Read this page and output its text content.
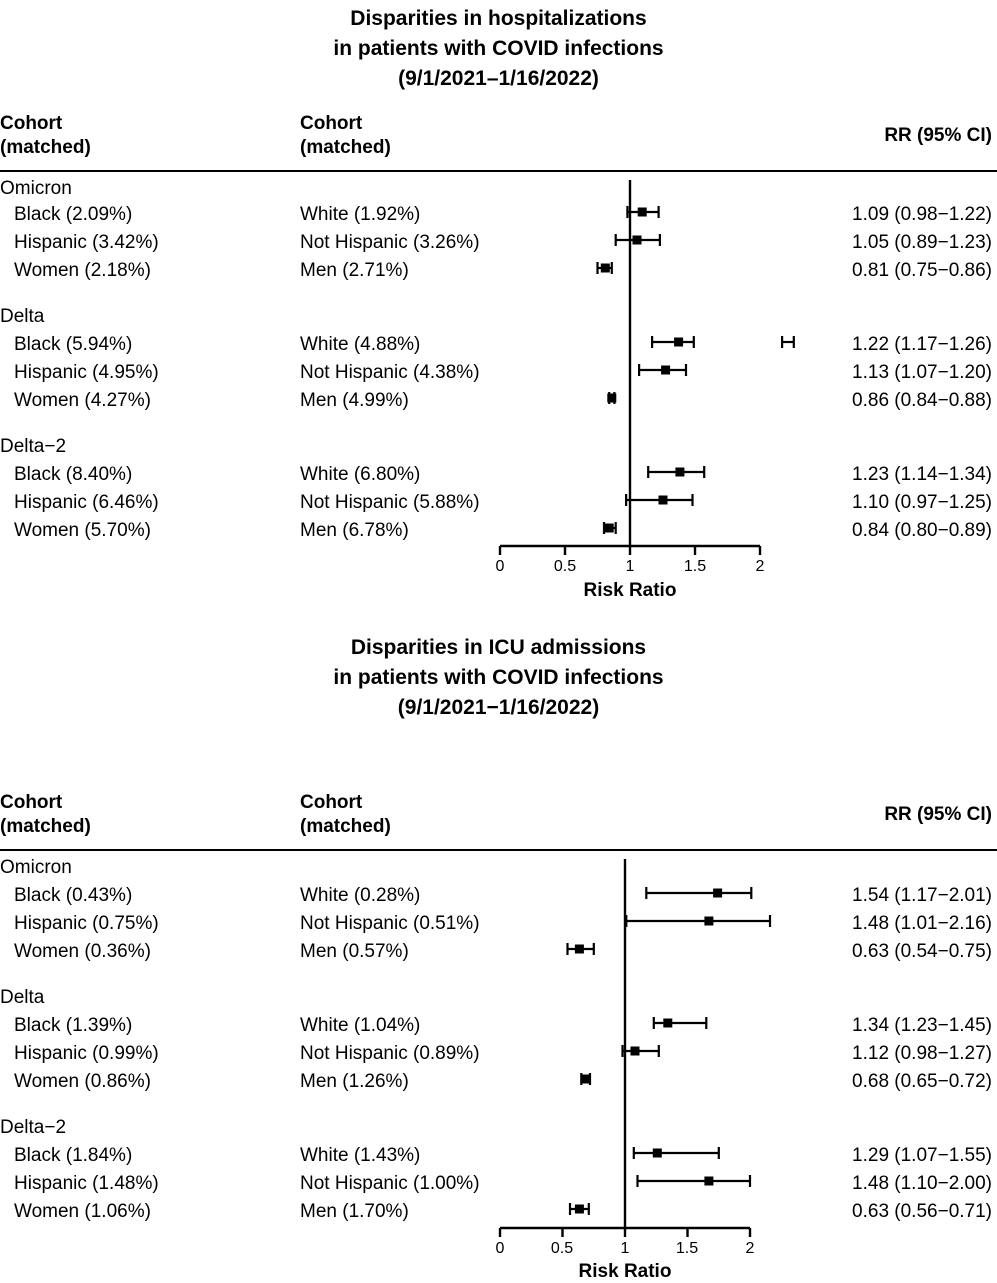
Disparities in hospitalizations
in patients with COVID infections
(9/1/2021–1/16/2022)
Cohort
(matched)
Cohort
(matched)
RR (95% CI)
Omicron
Black (2.09%)	White (1.92%)	1.09 (0.98−1.22)
Hispanic (3.42%)	Not Hispanic (3.26%)	1.05 (0.89−1.23)
Women (2.18%)	Men (2.71%)	0.81 (0.75−0.86)
Delta
Black (5.94%)	White (4.88%)	1.22 (1.17−1.26)
Hispanic (4.95%)	Not Hispanic (4.38%)	1.13 (1.07−1.20)
Women (4.27%)	Men (4.99%)	0.86 (0.84−0.88)
Delta−2
Black (8.40%)	White (6.80%)	1.23 (1.14−1.34)
Hispanic (6.46%)	Not Hispanic (5.88%)	1.10 (0.97−1.25)
Women (5.70%)	Men (6.78%)	0.84 (0.80−0.89)
0	0.5	1	1.5	2
Risk Ratio
Disparities in ICU admissions
in patients with COVID infections
(9/1/2021−1/16/2022)
Cohort
(matched)
Cohort
(matched)
RR (95% CI)
Omicron
Black (0.43%)	White (0.28%)	1.54 (1.17−2.01)
Hispanic (0.75%)	Not Hispanic (0.51%)	1.48 (1.01−2.16)
Women (0.36%)	Men (0.57%)	0.63 (0.54−0.75)
Delta
Black (1.39%)	White (1.04%)	1.34 (1.23−1.45)
Hispanic (0.99%)	Not Hispanic (0.89%)	1.12 (0.98−1.27)
Women (0.86%)	Men (1.26%)	0.68 (0.65−0.72)
Delta−2
Black (1.84%)	White (1.43%)	1.29 (1.07−1.55)
Hispanic (1.48%)	Not Hispanic (1.00%)	1.48 (1.10−2.00)
Women (1.06%)	Men (1.70%)	0.63 (0.56−0.71)
0	0.5	1	1.5	2
Risk Ratio
